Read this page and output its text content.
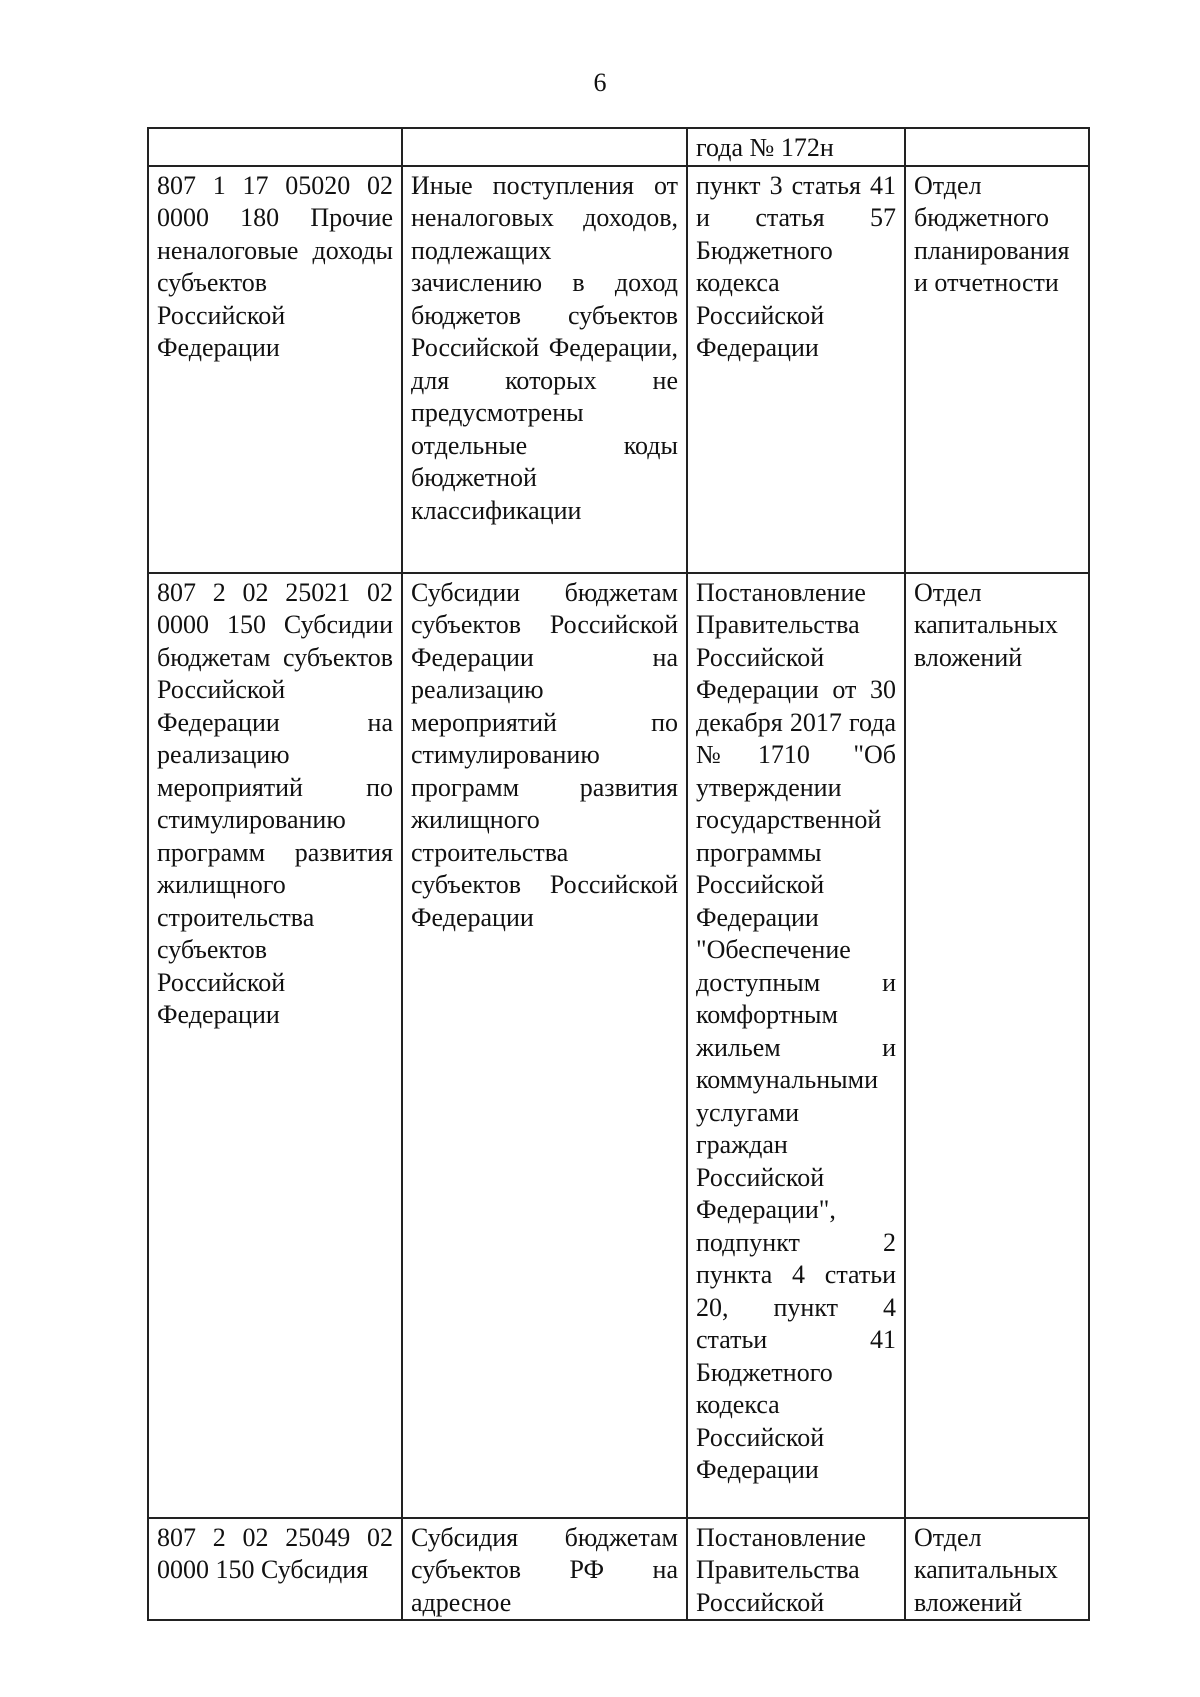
6
		года № 172н	
807 1 17 05020 02 0000 180 Прочие неналоговые доходы субъектов Российской Федерации	Иные поступления от неналоговых доходов, подлежащих зачислению в доход бюджетов субъектов Российской Федерации, для которых не предусмотрены отдельные коды бюджетной классификации	пункт 3 статья 41 и статья 57 Бюджетного кодекса Российской Федерации	Отдел бюджетного планирования и отчетности
807 2 02 25021 02 0000 150 Субсидии бюджетам субъектов Российской Федерации на реализацию мероприятий по стимулированию программ развития жилищного строительства субъектов Российской Федерации	Субсидии бюджетам субъектов Российской Федерации на реализацию мероприятий по стимулированию программ развития жилищного строительства субъектов Российской Федерации	Постановление Правительства Российской Федерации от 30 декабря 2017 года №1710 "Об утверждении государственной программы Российской Федерации "Обеспечение доступным и комфортным жильем и коммунальными услугами граждан Российской Федерации", подпункт 2 пункта 4 статьи 20, пункт 4 статьи 41 Бюджетного кодекса Российской Федерации	Отдел капитальных вложений
807 2 02 25049 02 0000 150 Субсидия	Субсидия бюджетам субъектов РФ на адресное	Постановление Правительства Российской	Отдел капитальных вложений
